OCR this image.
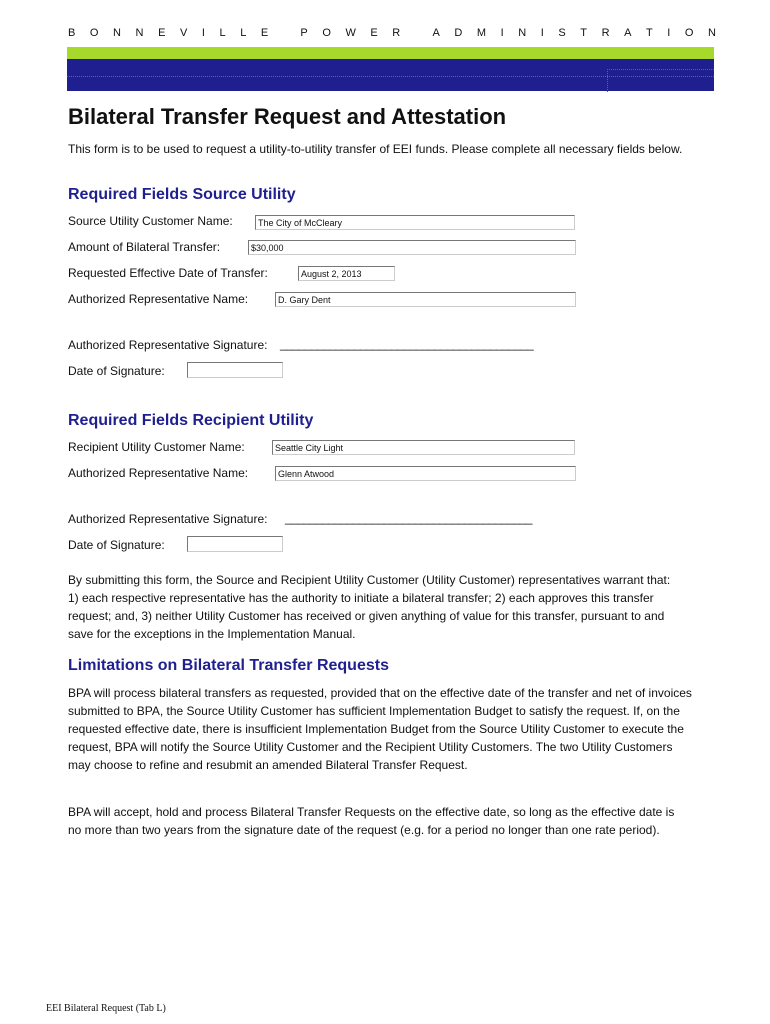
B O N N E V I L L E
	P O W E R
	A D M I N I S T R A T I O N
Bilateral Transfer Request and Attestation
This form is to be used to request a utility-to-utility transfer of EEI funds. Please complete all necessary fields below.
Required Fields Source Utility
Source Utility Customer Name:	The City of McCleary
Amount of Bilateral Transfer:	$30,000
Requested Effective Date of Transfer:	August 2, 2013
Authorized Representative Name:	D. Gary Dent
Authorized Representative Signature: _________________________________________
Date of Signature:
Required Fields Recipient Utility
Recipient Utility Customer Name:	Seattle City Light
Authorized Representative Name:	Glenn Atwood
Authorized Representative Signature: ________________________________________
Date of Signature:
By submitting this form, the Source and Recipient Utility Customer (Utility Customer) representatives warrant that: 1) each respective representative has the authority to initiate a bilateral transfer; 2) each approves this transfer request; and, 3) neither Utility Customer has received or given anything of value for this transfer, pursuant to and save for the exceptions in the Implementation Manual.
Limitations on Bilateral Transfer Requests
BPA will process bilateral transfers as requested, provided that on the effective date of the transfer and net of invoices submitted to BPA, the Source Utility Customer has sufficient Implementation Budget to satisfy the request. If, on the requested effective date, there is insufficient Implementation Budget from the Source Utility Customer to execute the request, BPA will notify the Source Utility Customer and the Recipient Utility Customers. The two Utility Customers may choose to refine and resubmit an amended Bilateral Transfer Request.
BPA will accept, hold and process Bilateral Transfer Requests on the effective date, so long as the effective date is no more than two years from the signature date of the request (e.g. for a period no longer than one rate period).
EEI Bilateral Request (Tab L)
